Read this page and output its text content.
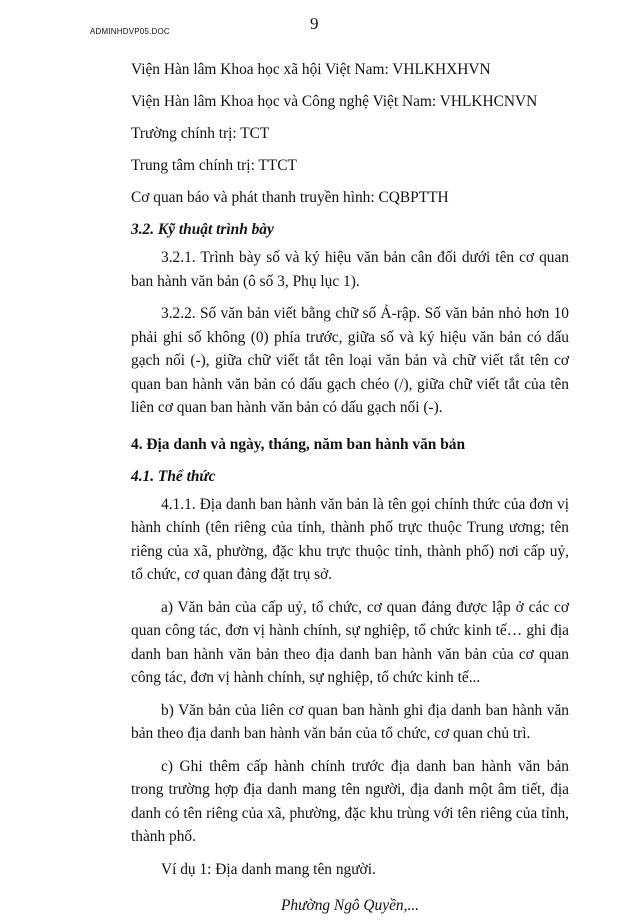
ADMINHDVP05.DOC	9

Viện Hàn lâm Khoa học xã hội Việt Nam: VHLKHXHVN

Viện Hàn lâm Khoa học và Công nghệ Việt Nam: VHLKHCNVN

Trường chính trị: TCT

Trung tâm chính trị: TTCT

Cơ quan báo và phát thanh truyền hình: CQBPTTH

3.2. Kỹ thuật trình bày

3.2.1. Trình bày số và ký hiệu văn bản cân đối dưới tên cơ quan ban hành văn bản (ô số 3, Phụ lục 1).

3.2.2. Số văn bản viết bằng chữ số Ả-rập. Số văn bản nhỏ hơn 10 phải ghi số không (0) phía trước, giữa số và ký hiệu văn bản có dấu gạch nối (-), giữa chữ viết tắt tên loại văn bản và chữ viết tắt tên cơ quan ban hành văn bản có dấu gạch chéo (/), giữa chữ viết tắt của tên liên cơ quan ban hành văn bản có dấu gạch nối (-).

4. Địa danh và ngày, tháng, năm ban hành văn bản

4.1. Thể thức

4.1.1. Địa danh ban hành văn bản là tên gọi chính thức của đơn vị hành chính (tên riêng của tỉnh, thành phố trực thuộc Trung ương; tên riêng của xã, phường, đặc khu trực thuộc tỉnh, thành phố) nơi cấp uỷ, tổ chức, cơ quan đảng đặt trụ sở.

a) Văn bản của cấp uỷ, tổ chức, cơ quan đảng được lập ở các cơ quan công tác, đơn vị hành chính, sự nghiệp, tổ chức kinh tế… ghi địa danh ban hành văn bản theo địa danh ban hành văn bản của cơ quan công tác, đơn vị hành chính, sự nghiệp, tổ chức kinh tế...

b) Văn bản của liên cơ quan ban hành ghi địa danh ban hành văn bản theo địa danh ban hành văn bản của tổ chức, cơ quan chủ trì.

c) Ghi thêm cấp hành chính trước địa danh ban hành văn bản trong trường hợp địa danh mang tên người, địa danh một âm tiết, địa danh có tên riêng của xã, phường, đặc khu trùng với tên riêng của tỉnh, thành phố.

Ví dụ 1: Địa danh mang tên người.

Phường Ngô Quyền,...
